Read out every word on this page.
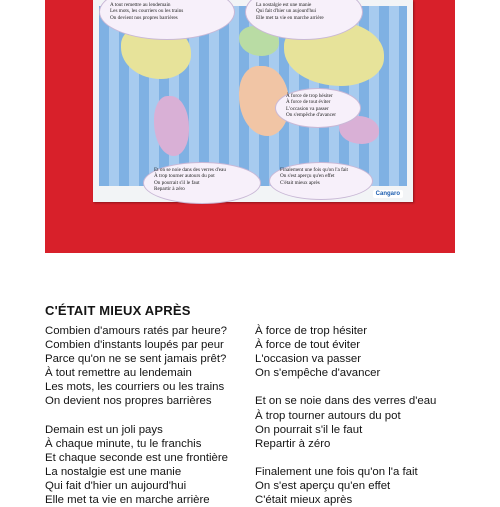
A tout remettre au lendemain
Les mots, les courriers ou les trains
On devient nos propres barrières
La nostalgie est une manie
Qui fait d'hier un aujourd'hui
Elle met ta vie en marche arrière
À force de trop hésiter
À force de tout éviter
L'occasion va passer
On s'empêche d'avancer
Et on se noie dans des verres d'eau
À trop tourner autours du pot
On pourrait s'il le faut
Repartir à zéro
Finalement une fois qu'on l'a fait
On s'est aperçu qu'en effet
C'était mieux après
Cangaro
C'ÉTAIT MIEUX APRÈS
Combien d'amours ratés par heure?
Combien d'instants loupés par peur
Parce qu'on ne se sent jamais prêt?
À tout remettre au lendemain
Les mots, les courriers ou les trains
On devient nos propres barrières
Demain est un joli pays
À chaque minute, tu le franchis
Et chaque seconde est une frontière
La nostalgie est une manie
Qui fait d'hier un aujourd'hui
Elle met ta vie en marche arrière
À force de trop hésiter
À force de tout éviter
L'occasion va passer
On s'empêche d'avancer
Et on se noie dans des verres d'eau
À trop tourner autours du pot
On pourrait s'il le faut
Repartir à zéro
Finalement une fois qu'on l'a fait
On s'est aperçu qu'en effet
C'était mieux après
